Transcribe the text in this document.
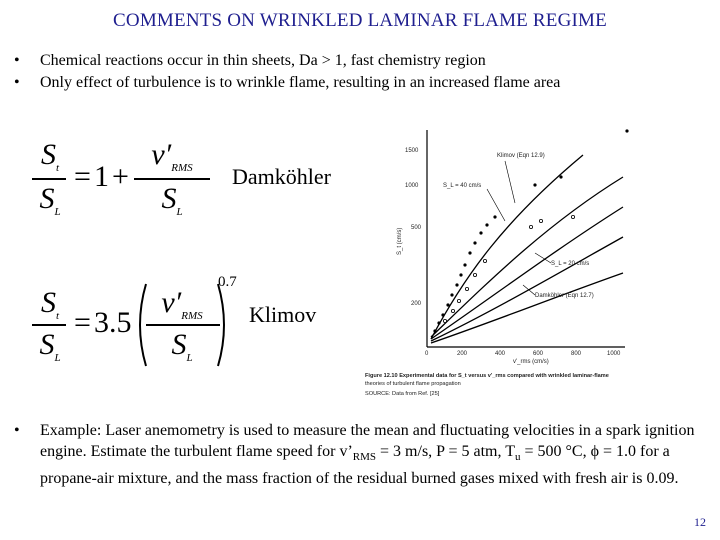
COMMENTS ON WRINKLED LAMINAR FLAME REGIME
•	Chemical reactions occur in thin sheets, Da > 1, fast chemistry region
•	Only effect of turbulence is to wrinkle flame, resulting in an increased flame area
$S_t$
$S_L$
= 1 +
$v'_{RMS}$
$S_L$
Damköhler
$S_t$
$S_L$
= 3.5
$v'_{RMS}$
$S_L$
0.7
Klimov
1500
1000
500
200
S_t (cm/s)
0	200	400	600	800	1000
v'_rms (cm/s)
Klimov (Eqn 12.9)
S_L = 40 cm/s
S_L = 20 cm/s
Damköhler (Eqn 12.7)
Figure 12.10 Experimental data for S_t versus v'_rms compared with wrinkled laminar-flame
theories of turbulent flame propagation
SOURCE: Data from Ref. [25]
•	Example: Laser anemometry is used to measure the mean and fluctuating velocities in a spark ignition engine. Estimate the turbulent flame speed for $v’_{RMS} = 3$ m/s, P = 5 atm, $T_u = 500$ °C, ϕ = 1.0 for a propane-air mixture, and the mass fraction of the residual burned gases mixed with fresh air is 0.09.
12
